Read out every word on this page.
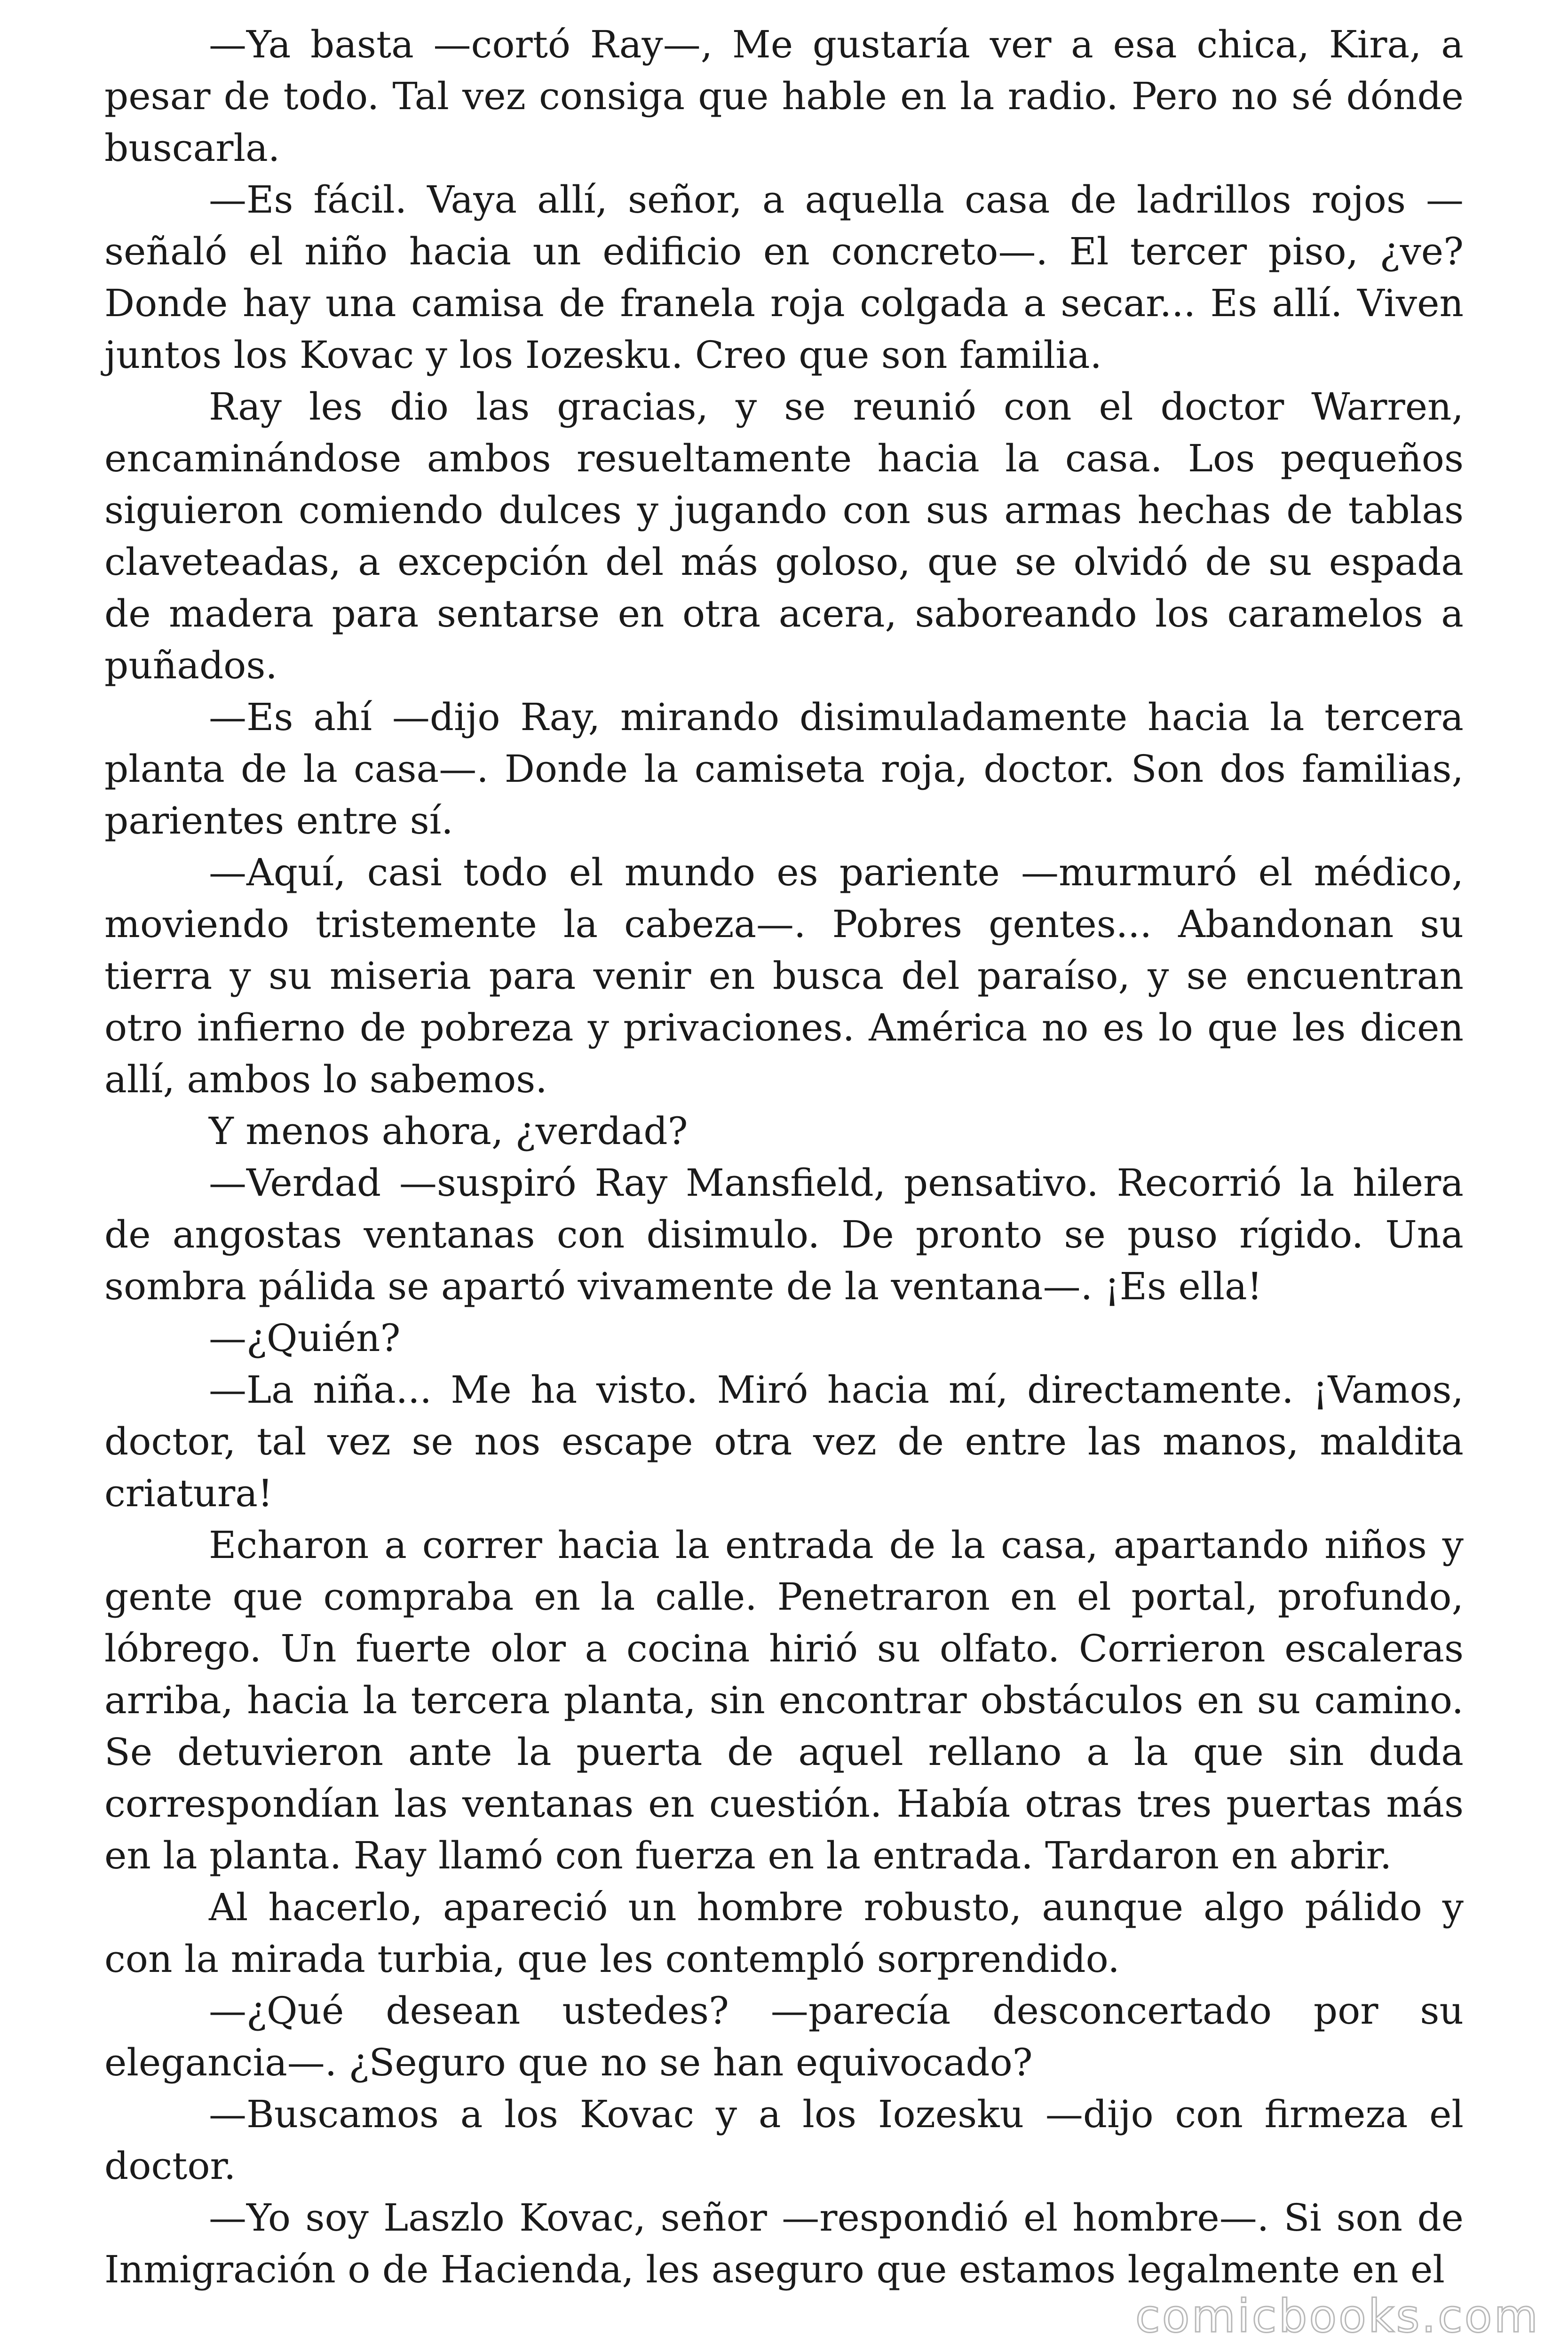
—Ya basta —cortó Ray—, Me gustaría ver a esa chica, Kira, a pesar de todo. Tal vez consiga que hable en la radio. Pero no sé dónde buscarla.

—Es fácil. Vaya allí, señor, a aquella casa de ladrillos rojos —señaló el niño hacia un edificio en concreto—. El tercer piso, ¿ve? Donde hay una camisa de franela roja colgada a secar... Es allí. Viven juntos los Kovac y los Iozesku. Creo que son familia.

Ray les dio las gracias, y se reunió con el doctor Warren, encaminándose ambos resueltamente hacia la casa. Los pequeños siguieron comiendo dulces y jugando con sus armas hechas de tablas claveteadas, a excepción del más goloso, que se olvidó de su espada de madera para sentarse en otra acera, saboreando los caramelos a puñados.

—Es ahí —dijo Ray, mirando disimuladamente hacia la tercera planta de la casa—. Donde la camiseta roja, doctor. Son dos familias, parientes entre sí.

—Aquí, casi todo el mundo es pariente —murmuró el médico, moviendo tristemente la cabeza—. Pobres gentes... Abandonan su tierra y su miseria para venir en busca del paraíso, y se encuentran otro infierno de pobreza y privaciones. América no es lo que les dicen allí, ambos lo sabemos.

Y menos ahora, ¿verdad?

—Verdad —suspiró Ray Mansfield, pensativo. Recorrió la hilera de angostas ventanas con disimulo. De pronto se puso rígido. Una sombra pálida se apartó vivamente de la ventana—. ¡Es ella!

—¿Quién?

—La niña... Me ha visto. Miró hacia mí, directamente. ¡Vamos, doctor, tal vez se nos escape otra vez de entre las manos, maldita criatura!

Echaron a correr hacia la entrada de la casa, apartando niños y gente que compraba en la calle. Penetraron en el portal, profundo, lóbrego. Un fuerte olor a cocina hirió su olfato. Corrieron escaleras arriba, hacia la tercera planta, sin encontrar obstáculos en su camino. Se detuvieron ante la puerta de aquel rellano a la que sin duda correspondían las ventanas en cuestión. Había otras tres puertas más en la planta. Ray llamó con fuerza en la entrada. Tardaron en abrir.

Al hacerlo, apareció un hombre robusto, aunque algo pálido y con la mirada turbia, que les contempló sorprendido.

—¿Qué desean ustedes? —parecía desconcertado por su elegancia—. ¿Seguro que no se han equivocado?

—Buscamos a los Kovac y a los Iozesku —dijo con firmeza el doctor.

—Yo soy Laszlo Kovac, señor —respondió el hombre—. Si son de Inmigración o de Hacienda, les aseguro que estamos legalmente en el

comicbooks.com
